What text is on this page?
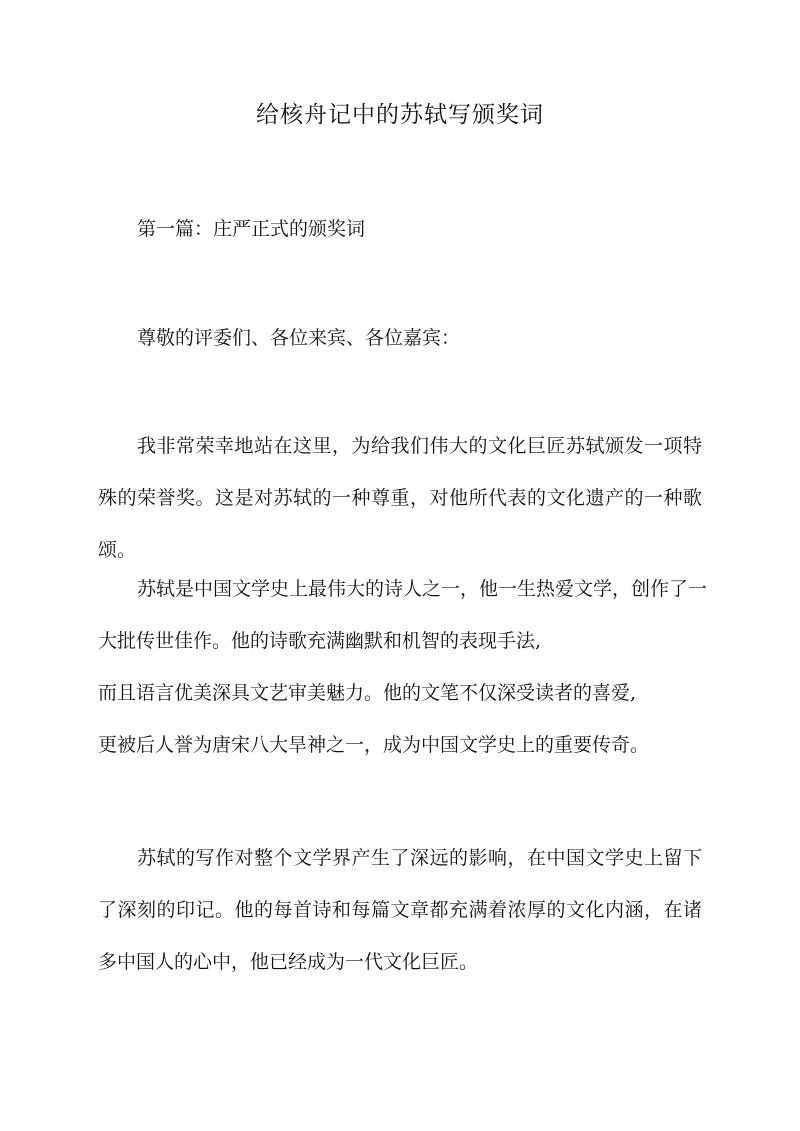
给核舟记中的苏轼写颁奖词

第一篇：庄严正式的颁奖词

尊敬的评委们、各位来宾、各位嘉宾：

我非常荣幸地站在这里，为给我们伟大的文化巨匠苏轼颁发一项特殊的荣誉奖。这是对苏轼的一种尊重，对他所代表的文化遗产的一种歌颂。

苏轼是中国文学史上最伟大的诗人之一，他一生热爱文学，创作了一

大批传世佳作。他的诗歌充满幽默和机智的表现手法,

而且语言优美深具文艺审美魅力。他的文笔不仅深受读者的喜爱,

更被后人誉为唐宋八大旱神之一，成为中国文学史上的重要传奇。

苏轼的写作对整个文学界产生了深远的影响，在中国文学史上留下了深刻的印记。他的每首诗和每篇文章都充满着浓厚的文化内涵，在诸多中国人的心中，他已经成为一代文化巨匠。
